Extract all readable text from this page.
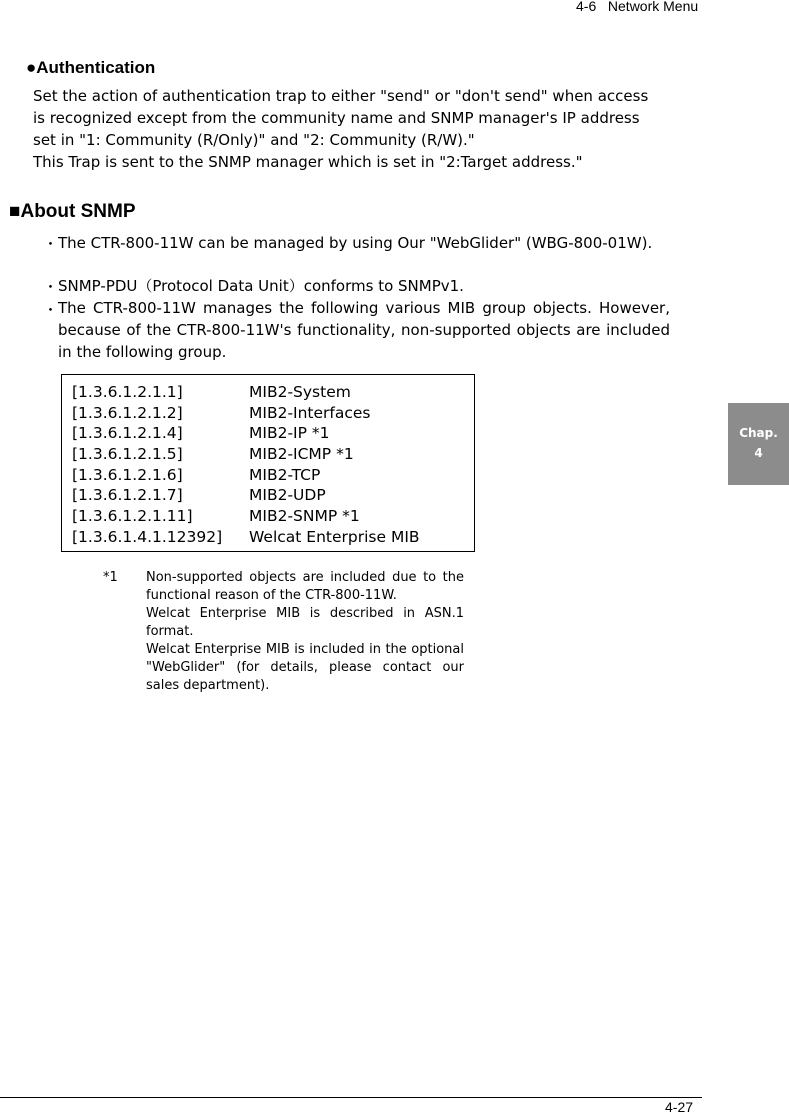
4-6 Network Menu
●Authentication
Set the action of authentication trap to either "send" or "don't send" when access
is recognized except from the community name and SNMP manager's IP address
set in "1: Community (R/Only)" and "2: Community (R/W)."
This Trap is sent to the SNMP manager which is set in "2:Target address."
■About SNMP
・ The CTR-800-11W can be managed by using Our "WebGlider" (WBG-800-01W).
・ SNMP-PDU（Protocol Data Unit）conforms to SNMPv1.
・ The CTR-800-11W manages the following various MIB group objects. However, because of the CTR-800-11W's functionality, non-supported objects are included in the following group.
[1.3.6.1.2.1.1]	MIB2-System
[1.3.6.1.2.1.2]	MIB2-Interfaces
[1.3.6.1.2.1.4]	MIB2-IP *1
[1.3.6.1.2.1.5]	MIB2-ICMP *1
[1.3.6.1.2.1.6]	MIB2-TCP
[1.3.6.1.2.1.7]	MIB2-UDP
[1.3.6.1.2.1.11]	MIB2-SNMP *1
[1.3.6.1.4.1.12392] Welcat Enterprise MIB
*1 Non-supported objects are included due to the functional reason of the CTR-800-11W.
Welcat Enterprise MIB is described in ASN.1 format.
Welcat Enterprise MIB is included in the optional "WebGlider" (for details, please contact our sales department).
Chap.
4
4-27
